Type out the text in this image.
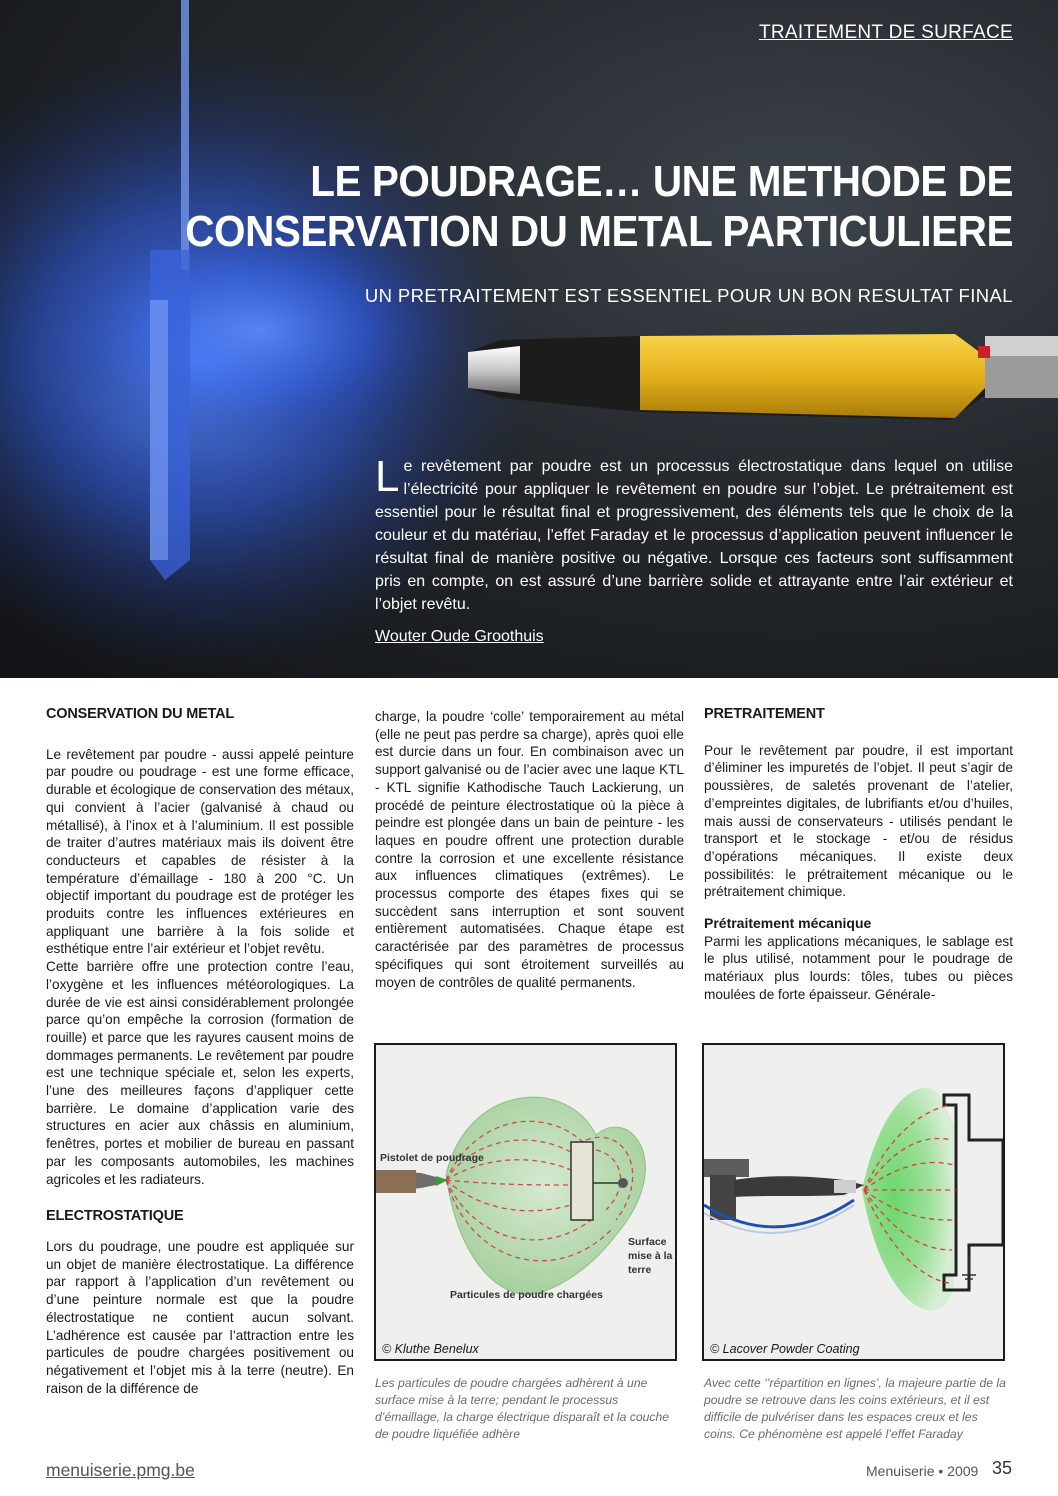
TRAITEMENT DE SURFACE
LE POUDRAGE… UNE METHODE DE
CONSERVATION DU METAL PARTICULIERE
UN PRETRAITEMENT EST ESSENTIEL POUR UN BON RESULTAT FINAL
Le revêtement par poudre est un processus électrostatique dans lequel on utilise l’électricité pour appliquer le revêtement en poudre sur l’objet. Le prétraitement est essentiel pour le résultat final et progressivement, des éléments tels que le choix de la couleur et du matériau, l’effet Faraday et le processus d’application peuvent influencer le résultat final de manière positive ou négative. Lorsque ces facteurs sont suffisamment pris en compte, on est assuré d’une barrière solide et attrayante entre l’air extérieur et l’objet revêtu.
Wouter Oude Groothuis
CONSERVATION DU METAL

Le revêtement par poudre - aussi appelé peinture par poudre ou poudrage - est une forme efficace, durable et écologique de conservation des métaux, qui convient à l’acier (galvanisé à chaud ou métallisé), à l’inox et à l’aluminium. Il est possible de traiter d’autres matériaux mais ils doivent être conducteurs et capables de résister à la température d’émaillage - 180 à 200 °C. Un objectif important du poudrage est de protéger les produits contre les influences extérieures en appliquant une barrière à la fois solide et esthétique entre l’air extérieur et l’objet revêtu.

Cette barrière offre une protection contre l’eau, l’oxygène et les influences météorologiques. La durée de vie est ainsi considérablement prolongée parce qu’on empêche la corrosion (formation de rouille) et parce que les rayures causent moins de dommages permanents. Le revêtement par poudre est une technique spéciale et, selon les experts, l’une des meilleures façons d’appliquer cette barrière. Le domaine d’application varie des structures en acier aux châssis en aluminium, fenêtres, portes et mobilier de bureau en passant par les composants automobiles, les machines agricoles et les radiateurs.

ELECTROSTATIQUE

Lors du poudrage, une poudre est appliquée sur un objet de manière électrostatique. La différence par rapport à l’application d’un revêtement ou d’une peinture normale est que la poudre électrostatique ne contient aucun solvant. L’adhérence est causée par l’attraction entre les particules de poudre chargées positivement ou négativement et l’objet mis à la terre (neutre). En raison de la différence de

charge, la poudre ‘colle’ temporairement au métal (elle ne peut pas perdre sa charge), après quoi elle est durcie dans un four. En combinaison avec un support galvanisé ou de l’acier avec une laque KTL - KTL signifie Kathodische Tauch Lackierung, un procédé de peinture électrostatique où la pièce à peindre est plongée dans un bain de peinture - les laques en poudre offrent une protection durable contre la corrosion et une excellente résistance aux influences climatiques (extrêmes). Le processus comporte des étapes fixes qui se succèdent sans interruption et sont souvent entièrement automatisées. Chaque étape est caractérisée par des paramètres de processus spécifiques qui sont étroitement surveillés au moyen de contrôles de qualité permanents.

PRETRAITEMENT

Pour le revêtement par poudre, il est important d’éliminer les impuretés de l’objet. Il peut s’agir de poussières, de saletés provenant de l’atelier, d’empreintes digitales, de lubrifiants et/ou d’huiles, mais aussi de conservateurs - utilisés pendant le transport et le stockage - et/ou de résidus d’opérations mécaniques. Il existe deux possibilités: le prétraitement mécanique ou le prétraitement chimique.

Prétraitement mécanique

Parmi les applications mécaniques, le sablage est le plus utilisé, notamment pour le poudrage de matériaux plus lourds: tôles, tubes ou pièces moulées de forte épaisseur. Générale-

Pistolet de poudrage
Surface mise à la terre
Particules de poudre chargées
© Kluthe Benelux	© Lacover Powder Coating
Les particules de poudre chargées adhèrent à une surface mise à la terre; pendant le processus d’émaillage, la charge électrique disparaît et la couche de poudre liquéfiée adhère
Avec cette ‘’répartition en lignes’, la majeure partie de la poudre se retrouve dans les coins extérieurs, et il est difficile de pulvériser dans les espaces creux et les coins. Ce phénomène est appelé l’effet Faraday
menuiserie.pmg.be	Menuiserie • 2009 35
